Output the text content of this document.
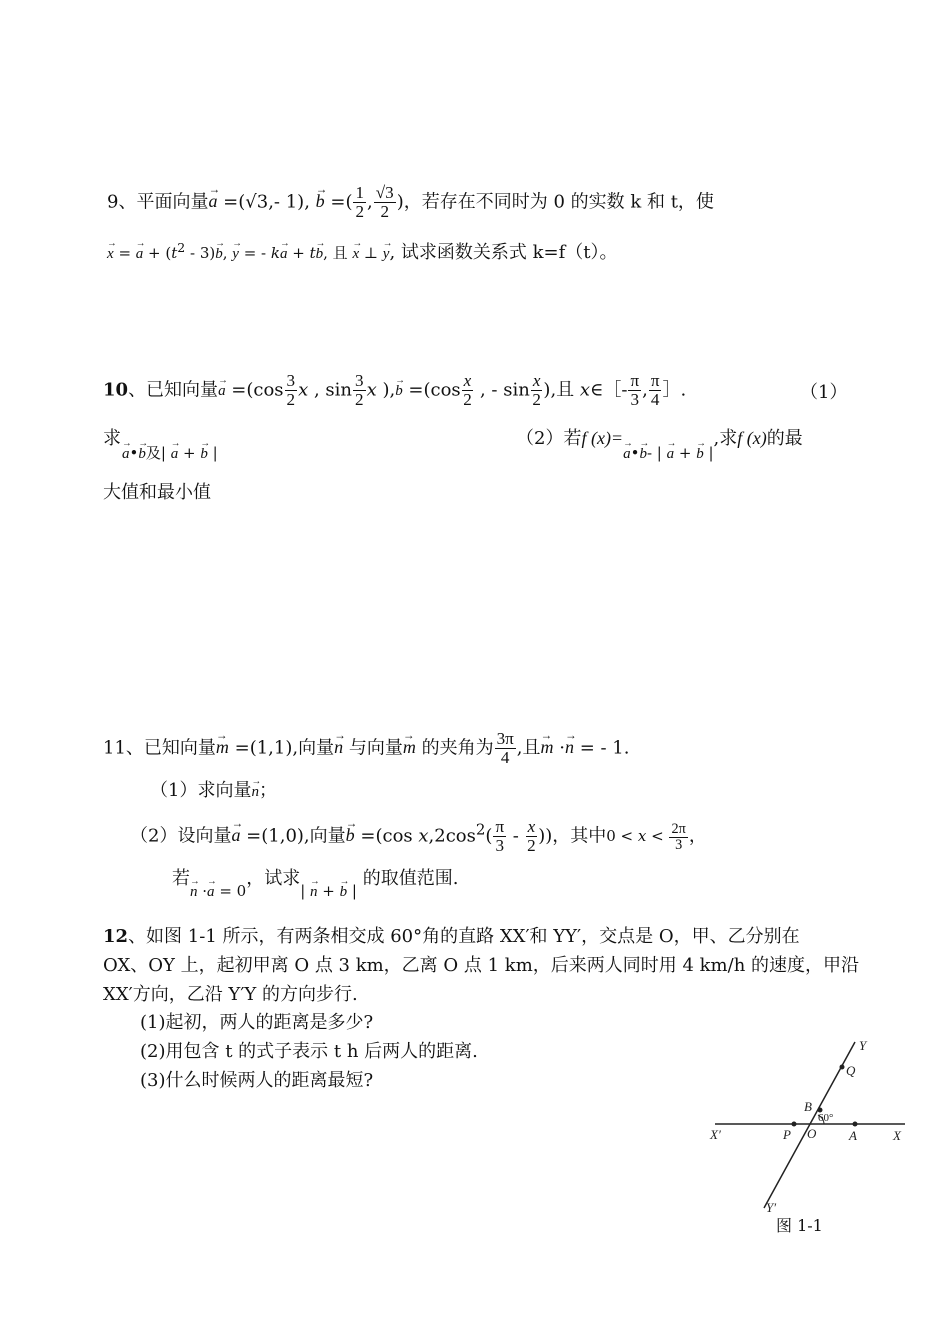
9、平面向量→ a =(√3,- 1), → b =( $\frac{1}{2}$ , $\frac{√3}{2}$ )，若存在不同时为 0 的实数 k 和 t，使
→ x = → $a + (t^2 - 3)\to b$, → y = - k→ a + t→ b, 且 → x ⊥ → y, 试求函数关系式 k=f（t）。
10、已知向量→ $a =(\cos \frac{3}{2}$ x , $\sin \frac{3}{2}$ x ),→ $b =(\cos \frac{x}{2}$ , - $\sin \frac{x}{2}$ ),且 x∈［- $\frac{\pi}{3}$ , $\frac{\pi}{4}$ ］.	（1）
求
→ a•→ b及| → a + → b |
（2）若f (x)=→ $_{a•\to b- | \to a + \to b |}$,求f (x)的最
大值和最小值
11、已知向量→ m =(1,1),向量→ n 与向量→ m 的夹角为 $\frac{3\pi}{4}$ ,且→ m ·→ n = - 1.
（1）求向量→ n；
（2）设向量→ a =(1,0),向量→ b =(cos $x,2\cos^2( \frac{\pi}{3} - \frac{x}{2}$ ))，其中$0 < x < \frac{2\pi}{3}$ ，
若→ $_{n \cdot\to a = 0}$，试求$_{| \to n + \to b |}$ 的取值范围.
12、如图 1-1 所示，有两条相交成 60°角的直路 XX′和 YY′，交点是 O，甲、乙分别在
OX、OY 上，起初甲离 O 点 3 km，乙离 O 点 1 km，后来两人同时用 4 km/h 的速度，甲沿
XX′方向，乙沿 Y′Y 的方向步行.
(1)起初，两人的距离是多少?
(2)用包含 t 的式子表示 t h 后两人的距离.
(3)什么时候两人的距离最短?
Y
Q
B
60°
X′	P O	A	X
Y′
图 1-1
